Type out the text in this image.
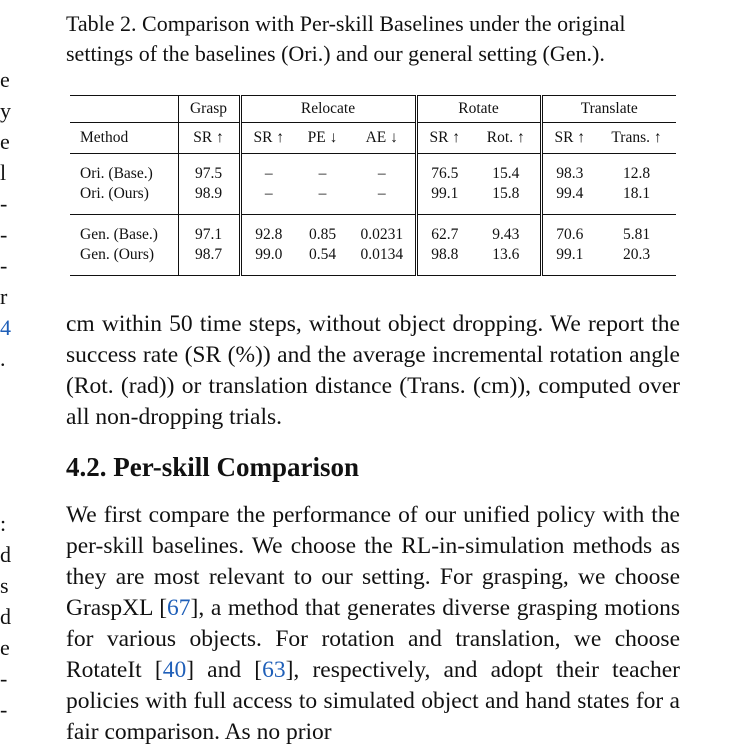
Table 2. Comparison with Per-skill Baselines under the original settings of the baselines (Ori.) and our general setting (Gen.).
e
y
e
l
-
-
-
r
4
.
:
d
s
d
e
-
-
	Grasp	Relocate			Rotate		Translate	
Method	SR ↑	SR ↑	PE ↓	AE ↓	SR ↑	Rot. ↑	SR ↑	Trans. ↑

Ori. (Base.)	97.5	–	–	–	76.5	15.4	98.3	12.8
Ori. (Ours)	98.9	–	–	–	99.1	15.8	99.4	18.1

Gen. (Base.)	97.1	92.8	0.85	0.0231	62.7	9.43	70.6	5.81
Gen. (Ours)	98.7	99.0	0.54	0.0134	98.8	13.6	99.1	20.3

cm within 50 time steps, without object dropping. We report the success rate (SR (%)) and the average incremental rotation angle (Rot. (rad)) or translation distance (Trans. (cm)), computed over all non-dropping trials.
4.2. Per-skill Comparison
We first compare the performance of our unified policy with the per-skill baselines. We choose the RL-in-simulation methods as they are most relevant to our setting. For grasping, we choose GraspXL [67], a method that generates diverse grasping motions for various objects. For rotation and translation, we choose RotateIt [40] and [63], respectively, and adopt their teacher policies with full access to simulated object and hand states for a fair comparison. As no prior
